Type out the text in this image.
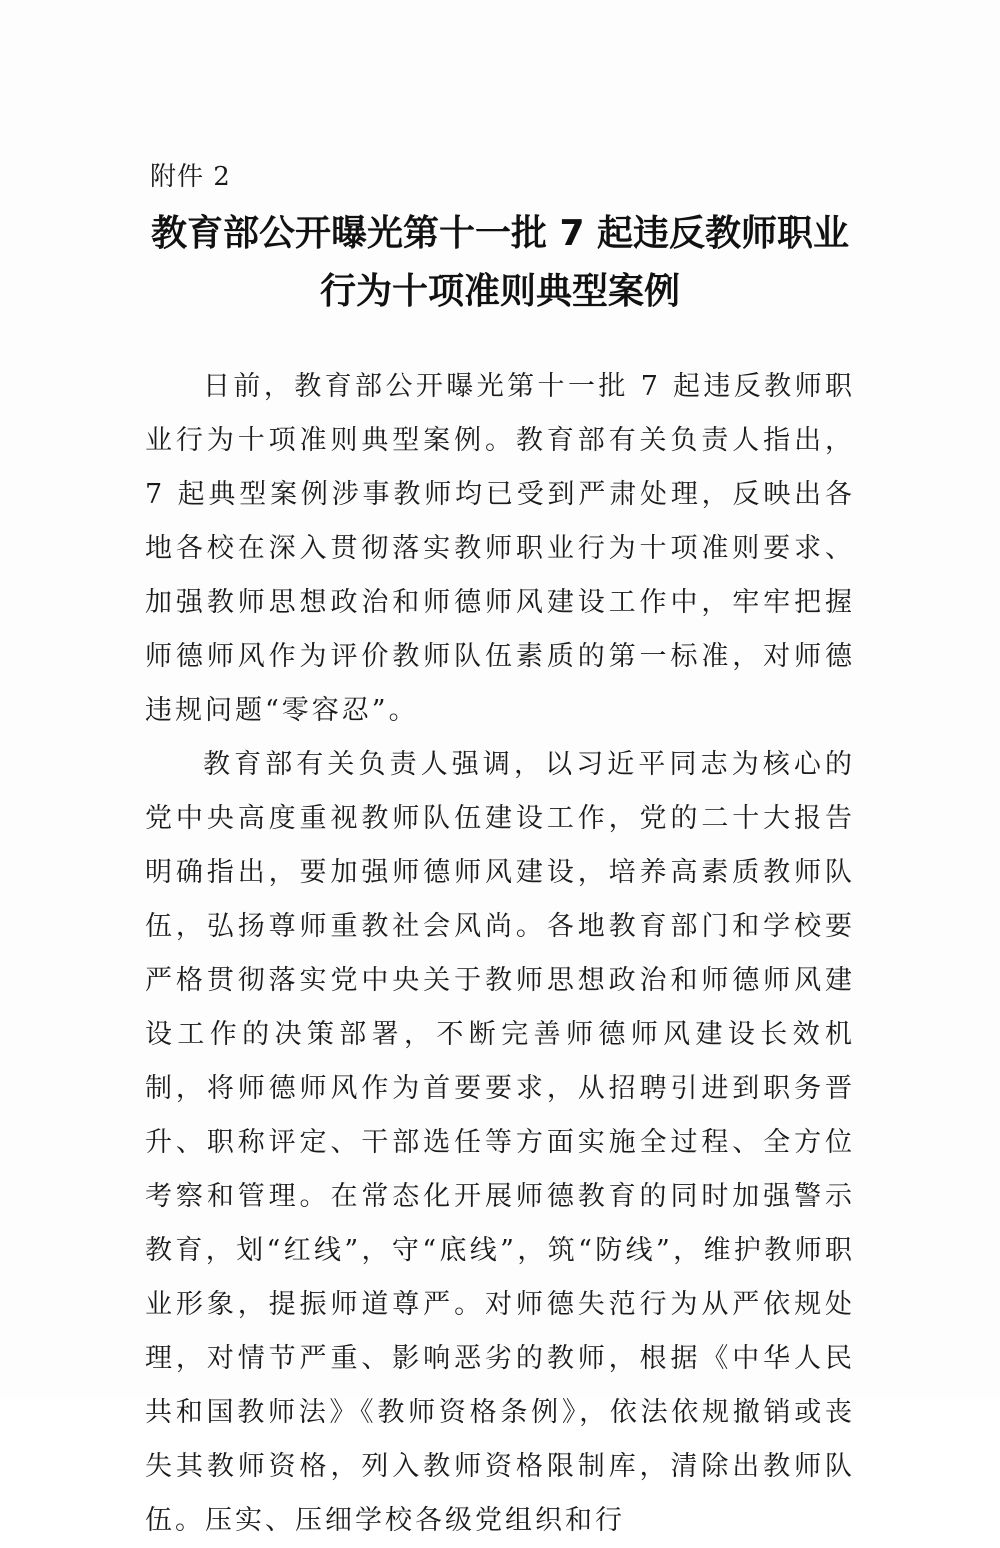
附件 2
教育部公开曝光第十一批 7 起违反教师职业
行为十项准则典型案例

日前，教育部公开曝光第十一批 7 起违反教师职业行为十项准则典型案例。教育部有关负责人指出，7 起典型案例涉事教师均已受到严肃处理，反映出各地各校在深入贯彻落实教师职业行为十项准则要求、加强教师思想政治和师德师风建设工作中，牢牢把握师德师风作为评价教师队伍素质的第一标准，对师德违规问题“零容忍”。

教育部有关负责人强调，以习近平同志为核心的党中央高度重视教师队伍建设工作，党的二十大报告明确指出，要加强师德师风建设，培养高素质教师队伍，弘扬尊师重教社会风尚。各地教育部门和学校要严格贯彻落实党中央关于教师思想政治和师德师风建设工作的决策部署，不断完善师德师风建设长效机制，将师德师风作为首要要求，从招聘引进到职务晋升、职称评定、干部选任等方面实施全过程、全方位考察和管理。在常态化开展师德教育的同时加强警示教育，划“红线”，守“底线”，筑“防线”，维护教师职业形象，提振师道尊严。对师德失范行为从严依规处理，对情节严重、影响恶劣的教师，根据《中华人民共和国教师法》《教师资格条例》，依法依规撤销或丧失其教师资格，列入教师资格限制库，清除出教师队伍。压实、压细学校各级党组织和行
